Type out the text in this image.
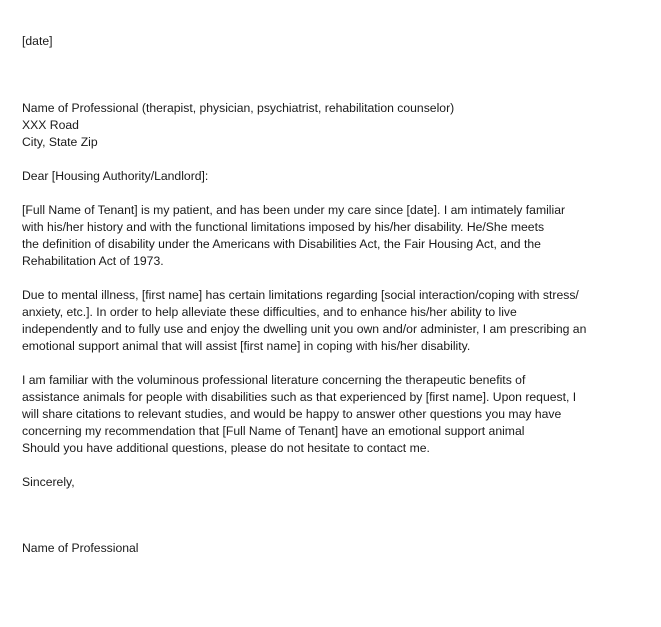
[date]
Name of Professional (therapist, physician, psychiatrist, rehabilitation counselor)
XXX Road
City, State Zip
Dear [Housing Authority/Landlord]:
[Full Name of Tenant] is my patient, and has been under my care since [date]. I am intimately familiar
with his/her history and with the functional limitations imposed by his/her disability. He/She meets
the definition of disability under the Americans with Disabilities Act, the Fair Housing Act, and the
Rehabilitation Act of 1973.
Due to mental illness, [first name] has certain limitations regarding [social interaction/coping with stress/
anxiety, etc.]. In order to help alleviate these difficulties, and to enhance his/her ability to live
independently and to fully use and enjoy the dwelling unit you own and/or administer, I am prescribing an
emotional support animal that will assist [first name] in coping with his/her disability.
I am familiar with the voluminous professional literature concerning the therapeutic benefits of
assistance animals for people with disabilities such as that experienced by [first name]. Upon request, I
will share citations to relevant studies, and would be happy to answer other questions you may have
concerning my recommendation that [Full Name of Tenant] have an emotional support animal
Should you have additional questions, please do not hesitate to contact me.
Sincerely,
Name of Professional
